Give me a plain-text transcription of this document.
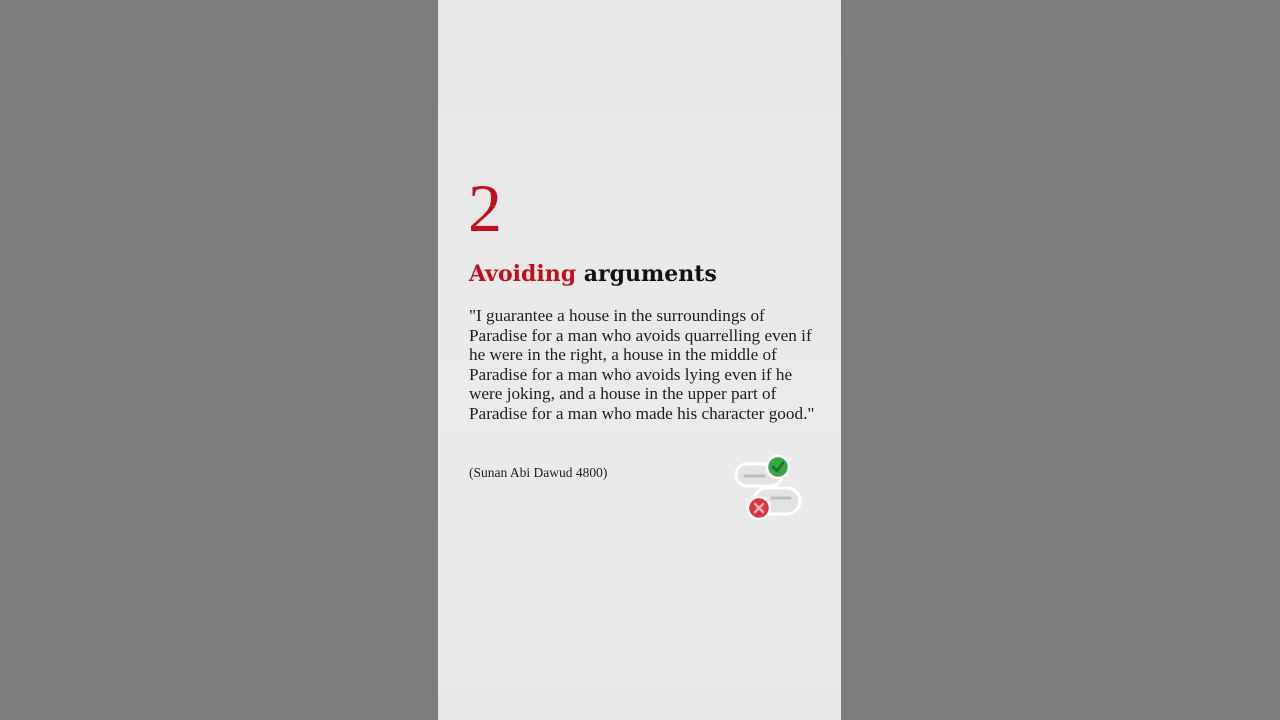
2
Avoiding arguments
"I guarantee a house in the surroundings of Paradise for a man who avoids quarrelling even if he were in the right, a house in the middle of Paradise for a man who avoids lying even if he were joking, and a house in the upper part of Paradise for a man who made his character good."
(Sunan Abi Dawud 4800)
